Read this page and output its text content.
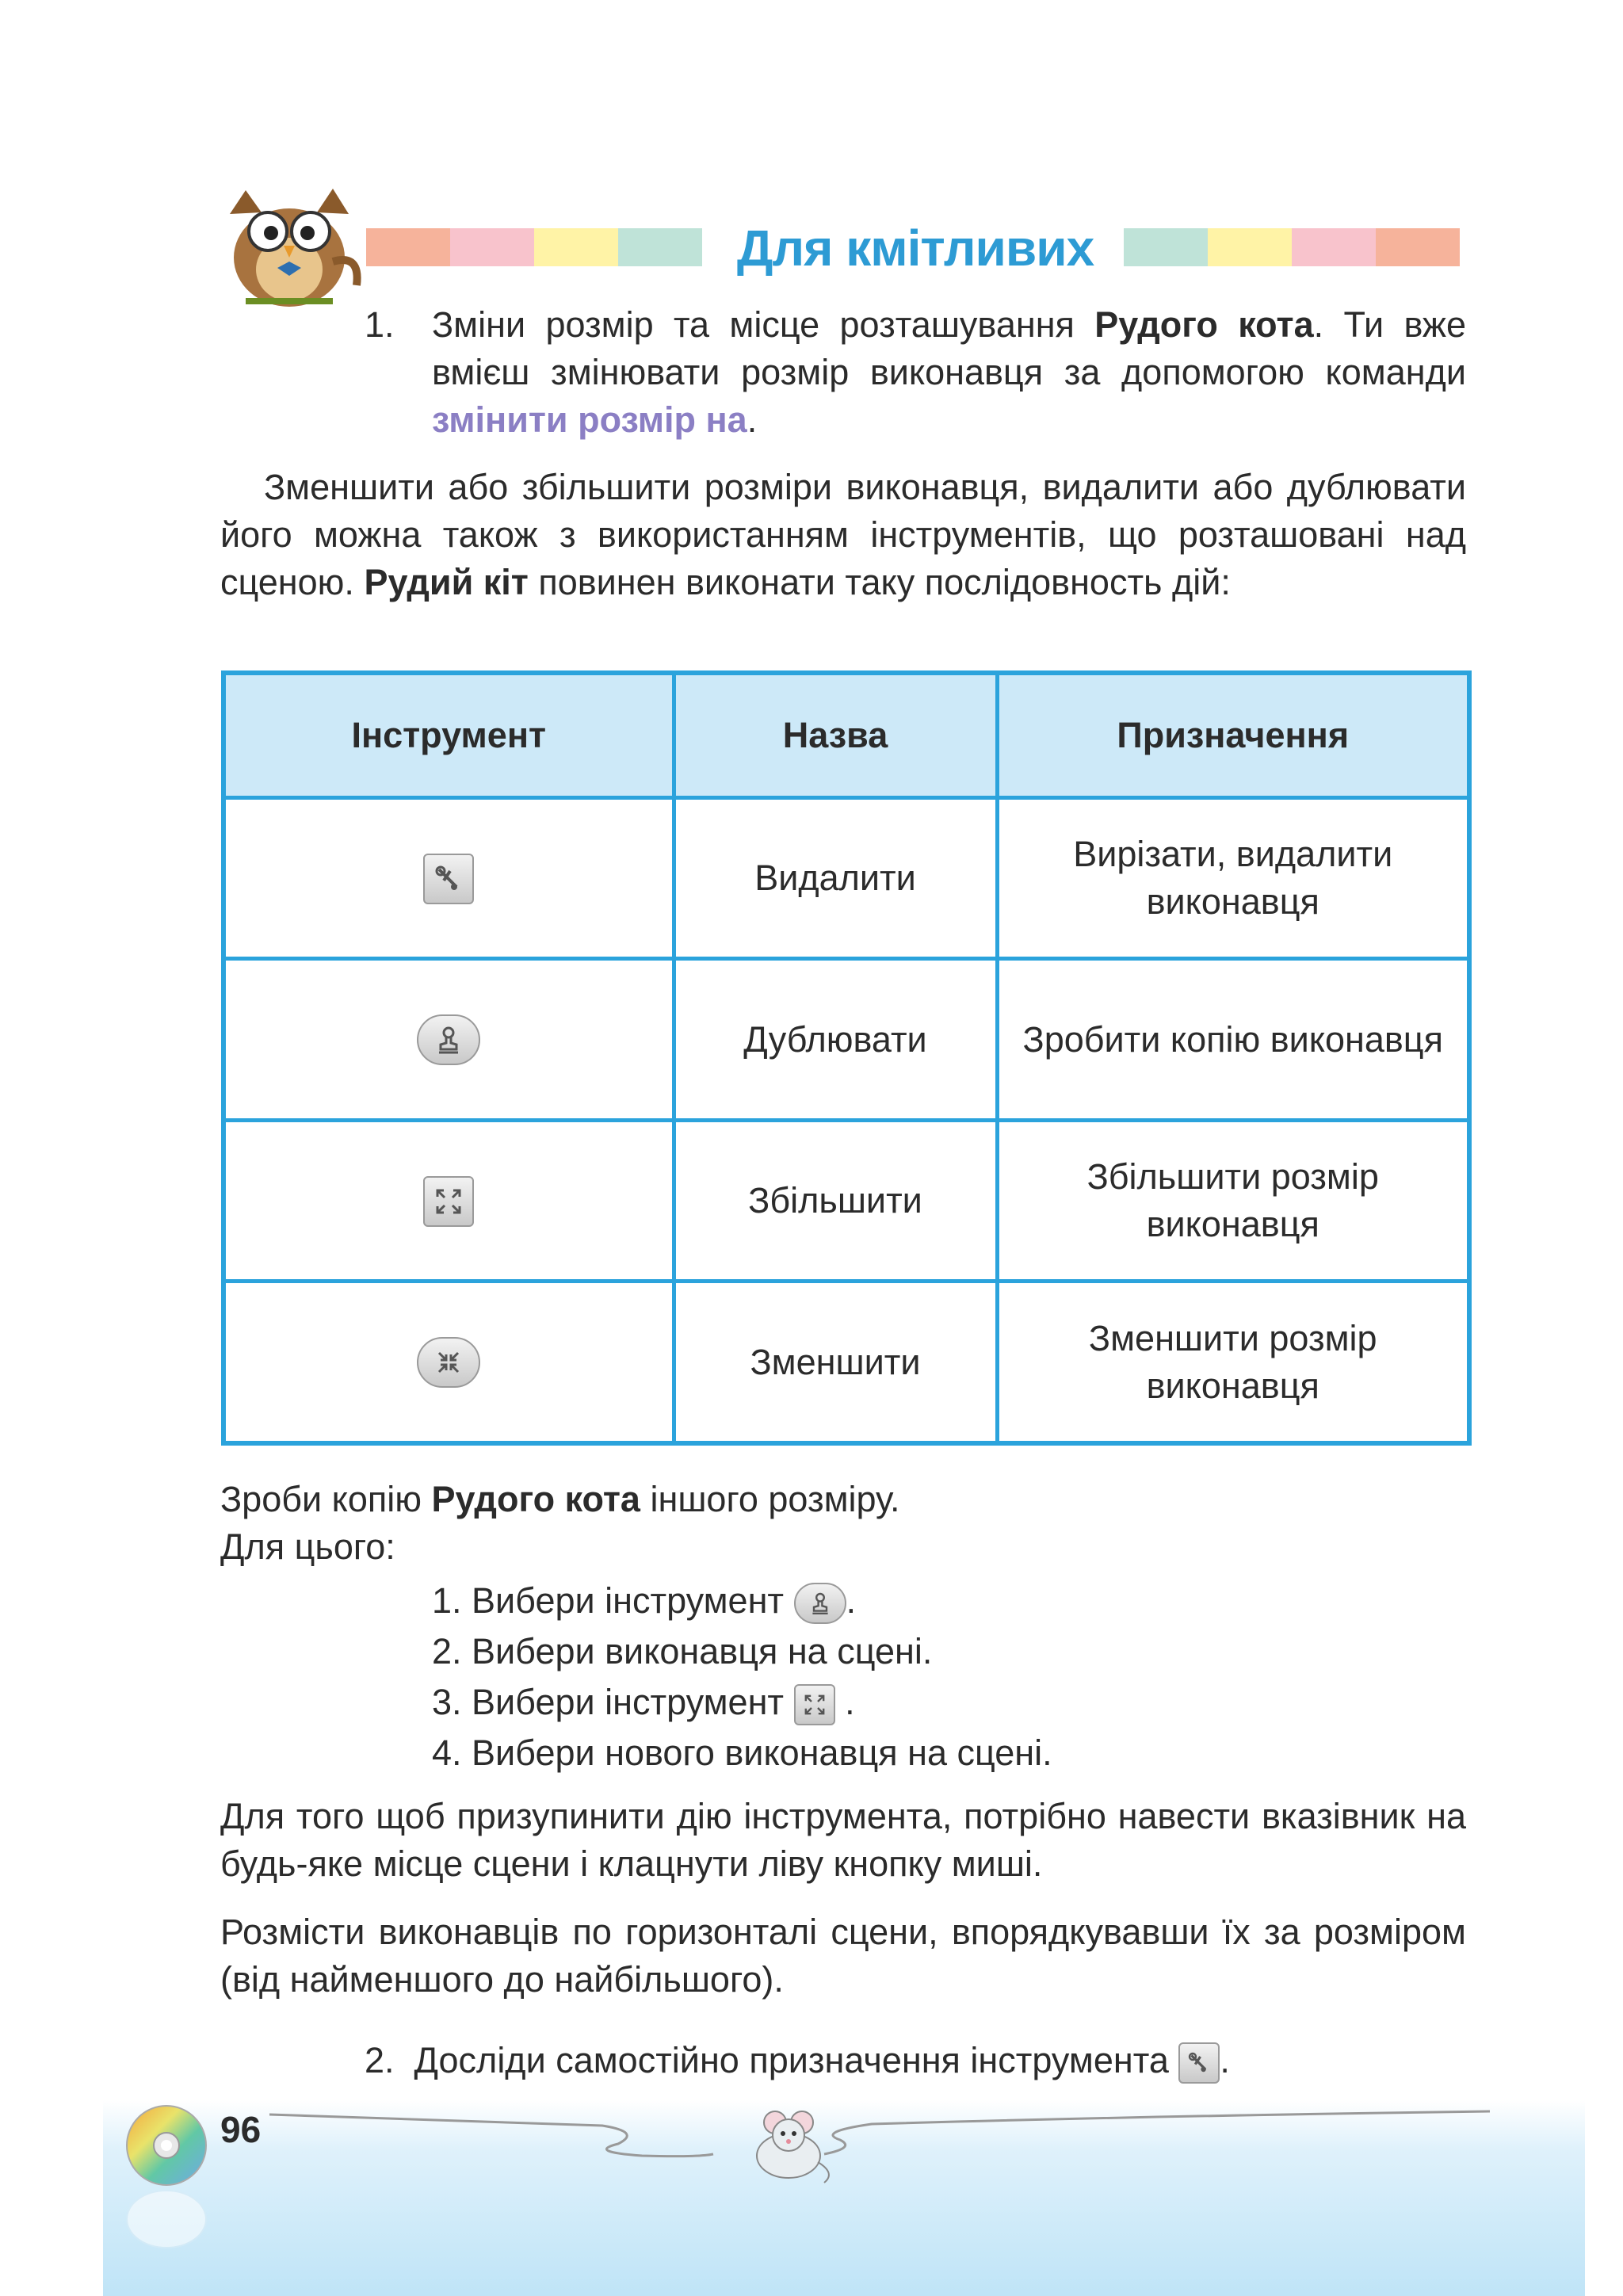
Для кмітливих
1. Зміни розмір та місце розташування Рудого кота. Ти вже вмієш змінювати розмір виконавця за допомогою команди змінити розмір на.
Зменшити або збільшити розміри виконавця, видалити або дублювати його можна також з використанням інструментів, що розташовані над сценою. Рудий кіт повинен виконати таку послідовность дій:
Інструмент	Назва	Призначення

	Видалити	Вирізати, видалити виконавця

	Дублювати	Зробити копію виконавця

	Збільшити	Збільшити розмір виконавця

	Зменшити	Зменшити розмір виконавця
Зроби копію Рудого кота іншого розміру.
Для цього:
1. Вибери інструмент
.
2. Вибери виконавця на сцені.
3. Вибери інструмент
.
4. Вибери нового виконавця на сцені.
Для того щоб призупинити дію інструмента, потрібно навести вказівник на будь-яке місце сцени і клацнути ліву кнопку миші.
Розмісти виконавців по горизонталі сцени, впорядкувавши їх за розміром (від найменшого до найбільшого).
2. Досліди самостійно призначення інструмента
.
96
